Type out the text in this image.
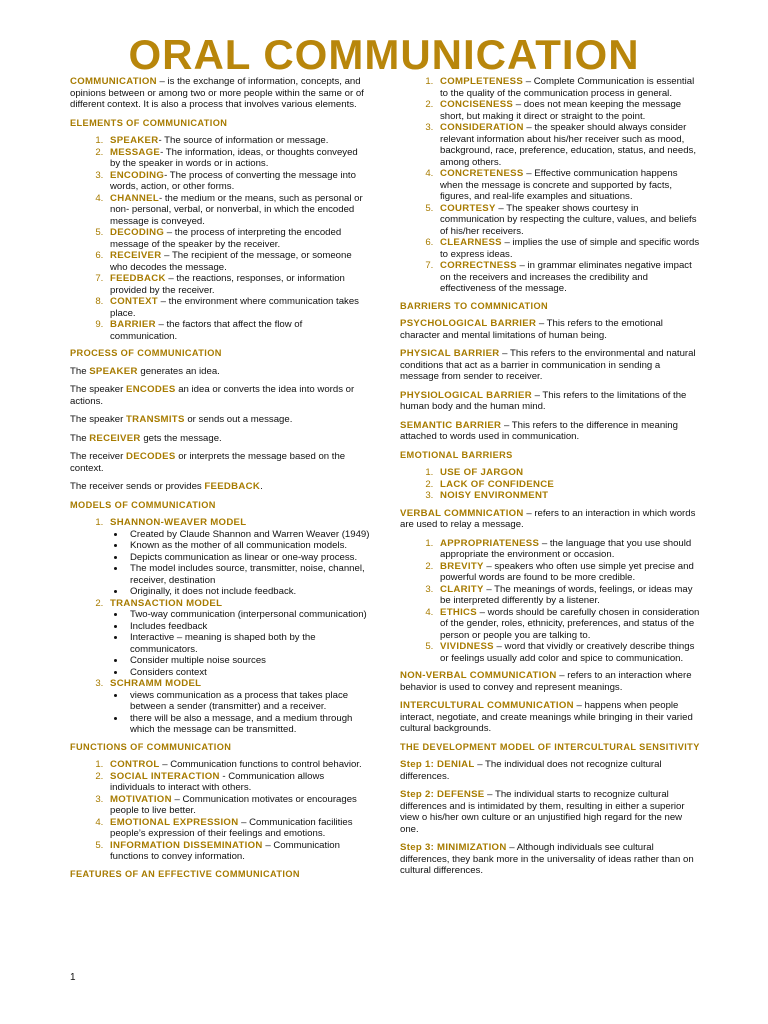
ORAL COMMUNICATION

COMMUNICATION – is the exchange of information, concepts, and opinions between or among two or more people within the same or of different context. It is also a process that involves various elements.

ELEMENTS OF COMMUNICATION
1. SPEAKER- The source of information or message.
2. MESSAGE- The information, ideas, or thoughts conveyed by the speaker in words or in actions.
3. ENCODING- The process of converting the message into words, action, or other forms.
4. CHANNEL- the medium or the means, such as personal or non- personal, verbal, or nonverbal, in which the encoded message is conveyed.
5. DECODING – the process of interpreting the encoded message of the speaker by the receiver.
6. RECEIVER – The recipient of the message, or someone who decodes the message.
7. FEEDBACK – the reactions, responses, or information provided by the receiver.
8. CONTEXT – the environment where communication takes place.
9. BARRIER – the factors that affect the flow of communication.
PROCESS OF COMMUNICATION

The SPEAKER generates an idea.

The speaker ENCODES an idea or converts the idea into words or actions.

The speaker TRANSMITS or sends out a message.

The RECEIVER gets the message.

The receiver DECODES or interprets the message based on the context.

The receiver sends or provides FEEDBACK.

MODELS OF COMMUNICATION
1. SHANNON-WEAVER MODEL
• Created by Claude Shannon and Warren Weaver (1949)
• Known as the mother of all communication models.
• Depicts communication as linear or one-way process.
• The model includes source, transmitter, noise, channel, receiver, destination
• Originally, it does not include feedback.
2. TRANSACTION MODEL
• Two-way communication (interpersonal communication)
• Includes feedback
• Interactive – meaning is shaped both by the communicators.
• Consider multiple noise sources
• Considers context
3. SCHRAMM MODEL
• views communication as a process that takes place between a sender (transmitter) and a receiver.
• there will be also a message, and a medium through which the message can be transmitted.
FUNCTIONS OF COMMUNICATION
1. CONTROL – Communication functions to control behavior.
2. SOCIAL INTERACTION - Communication allows individuals to interact with others.
3. MOTIVATION – Communication motivates or encourages people to live better.
4. EMOTIONAL EXPRESSION – Communication facilities people’s expression of their feelings and emotions.
5. INFORMATION DISSEMINATION – Communication functions to convey information.
FEATURES OF AN EFFECTIVE COMMUNICATION
1. COMPLETENESS – Complete Communication is essential to the quality of the communication process in general.
2. CONCISENESS – does not mean keeping the message short, but making it direct or straight to the point.
3. CONSIDERATION – the speaker should always consider relevant information about his/her receiver such as mood, background, race, preference, education, status, and needs, among others.
4. CONCRETENESS – Effective communication happens when the message is concrete and supported by facts, figures, and real-life examples and situations.
5. COURTESY – The speaker shows courtesy in communication by respecting the culture, values, and beliefs of his/her receivers.
6. CLEARNESS – implies the use of simple and specific words to express ideas.
7. CORRECTNESS – in grammar eliminates negative impact on the receivers and increases the credibility and effectiveness of the message.
BARRIERS TO COMMNICATION

PSYCHOLOGICAL BARRIER – This refers to the emotional character and mental limitations of human being.

PHYSICAL BARRIER – This refers to the environmental and natural conditions that act as a barrier in communication in sending a message from sender to receiver.

PHYSIOLOGICAL BARRIER – This refers to the limitations of the human body and the human mind.

SEMANTIC BARRIER – This refers to the difference in meaning attached to words used in communication.

EMOTIONAL BARRIERS
1. USE OF JARGON
2. LACK OF CONFIDENCE
3. NOISY ENVIRONMENT

VERBAL COMMNICATION – refers to an interaction in which words are used to relay a message.

1. APPROPRIATENESS – the language that you use should appropriate the environment or occasion.
2. BREVITY – speakers who often use simple yet precise and powerful words are found to be more credible.
3. CLARITY – The meanings of words, feelings, or ideas may be interpreted differently by a listener.
4. ETHICS – words should be carefully chosen in consideration of the gender, roles, ethnicity, preferences, and status of the person or people you are talking to.
5. VIVIDNESS – word that vividly or creatively describe things or feelings usually add color and spice to communication.

NON-VERBAL COMMUNICATION – refers to an interaction where behavior is used to convey and represent meanings.

INTERCULTURAL COMMUNICATION – happens when people interact, negotiate, and create meanings while bringing in their varied cultural backgrounds.

THE DEVELOPMENT MODEL OF INTERCULTURAL SENSITIVITY

Step 1: DENIAL – The individual does not recognize cultural differences.

Step 2: DEFENSE – The individual starts to recognize cultural differences and is intimidated by them, resulting in either a superior view o his/her own culture or an unjustified high regard for the new one.

Step 3: MINIMIZATION – Although individuals see cultural differences, they bank more in the universality of ideas rather than on cultural differences.

1
